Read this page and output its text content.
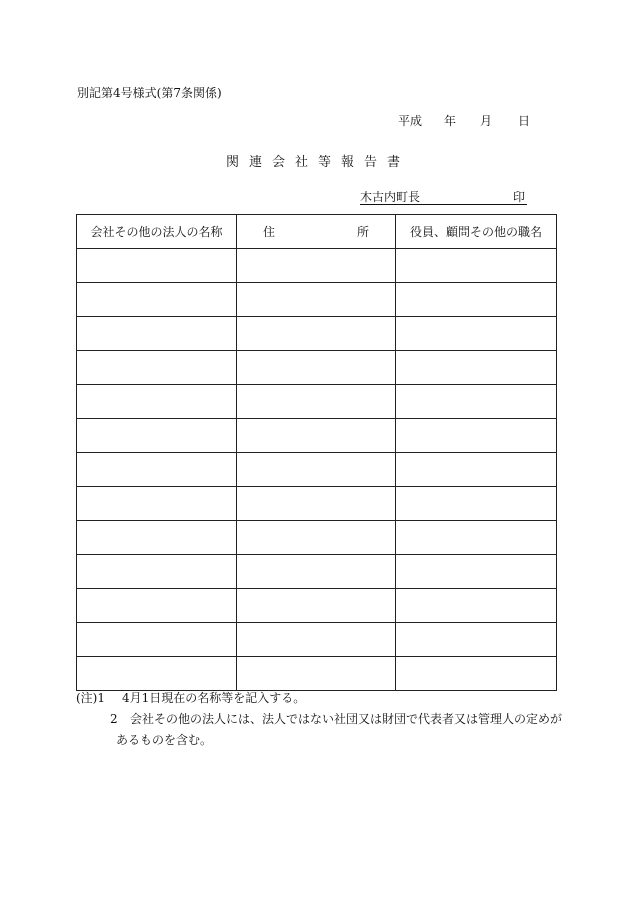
別記第4号様式(第7条関係)
平成 年 月 日
関連会社等報告書
木古内町長	印
会社その他の法人の名称	住 所	役員、顧問その他の職名

(注)1	4月1日現在の名称等を記入する。
2	会社その他の法人には、法人ではない社団又は財団で代表者又は管理人の定めが
あるものを含む。
